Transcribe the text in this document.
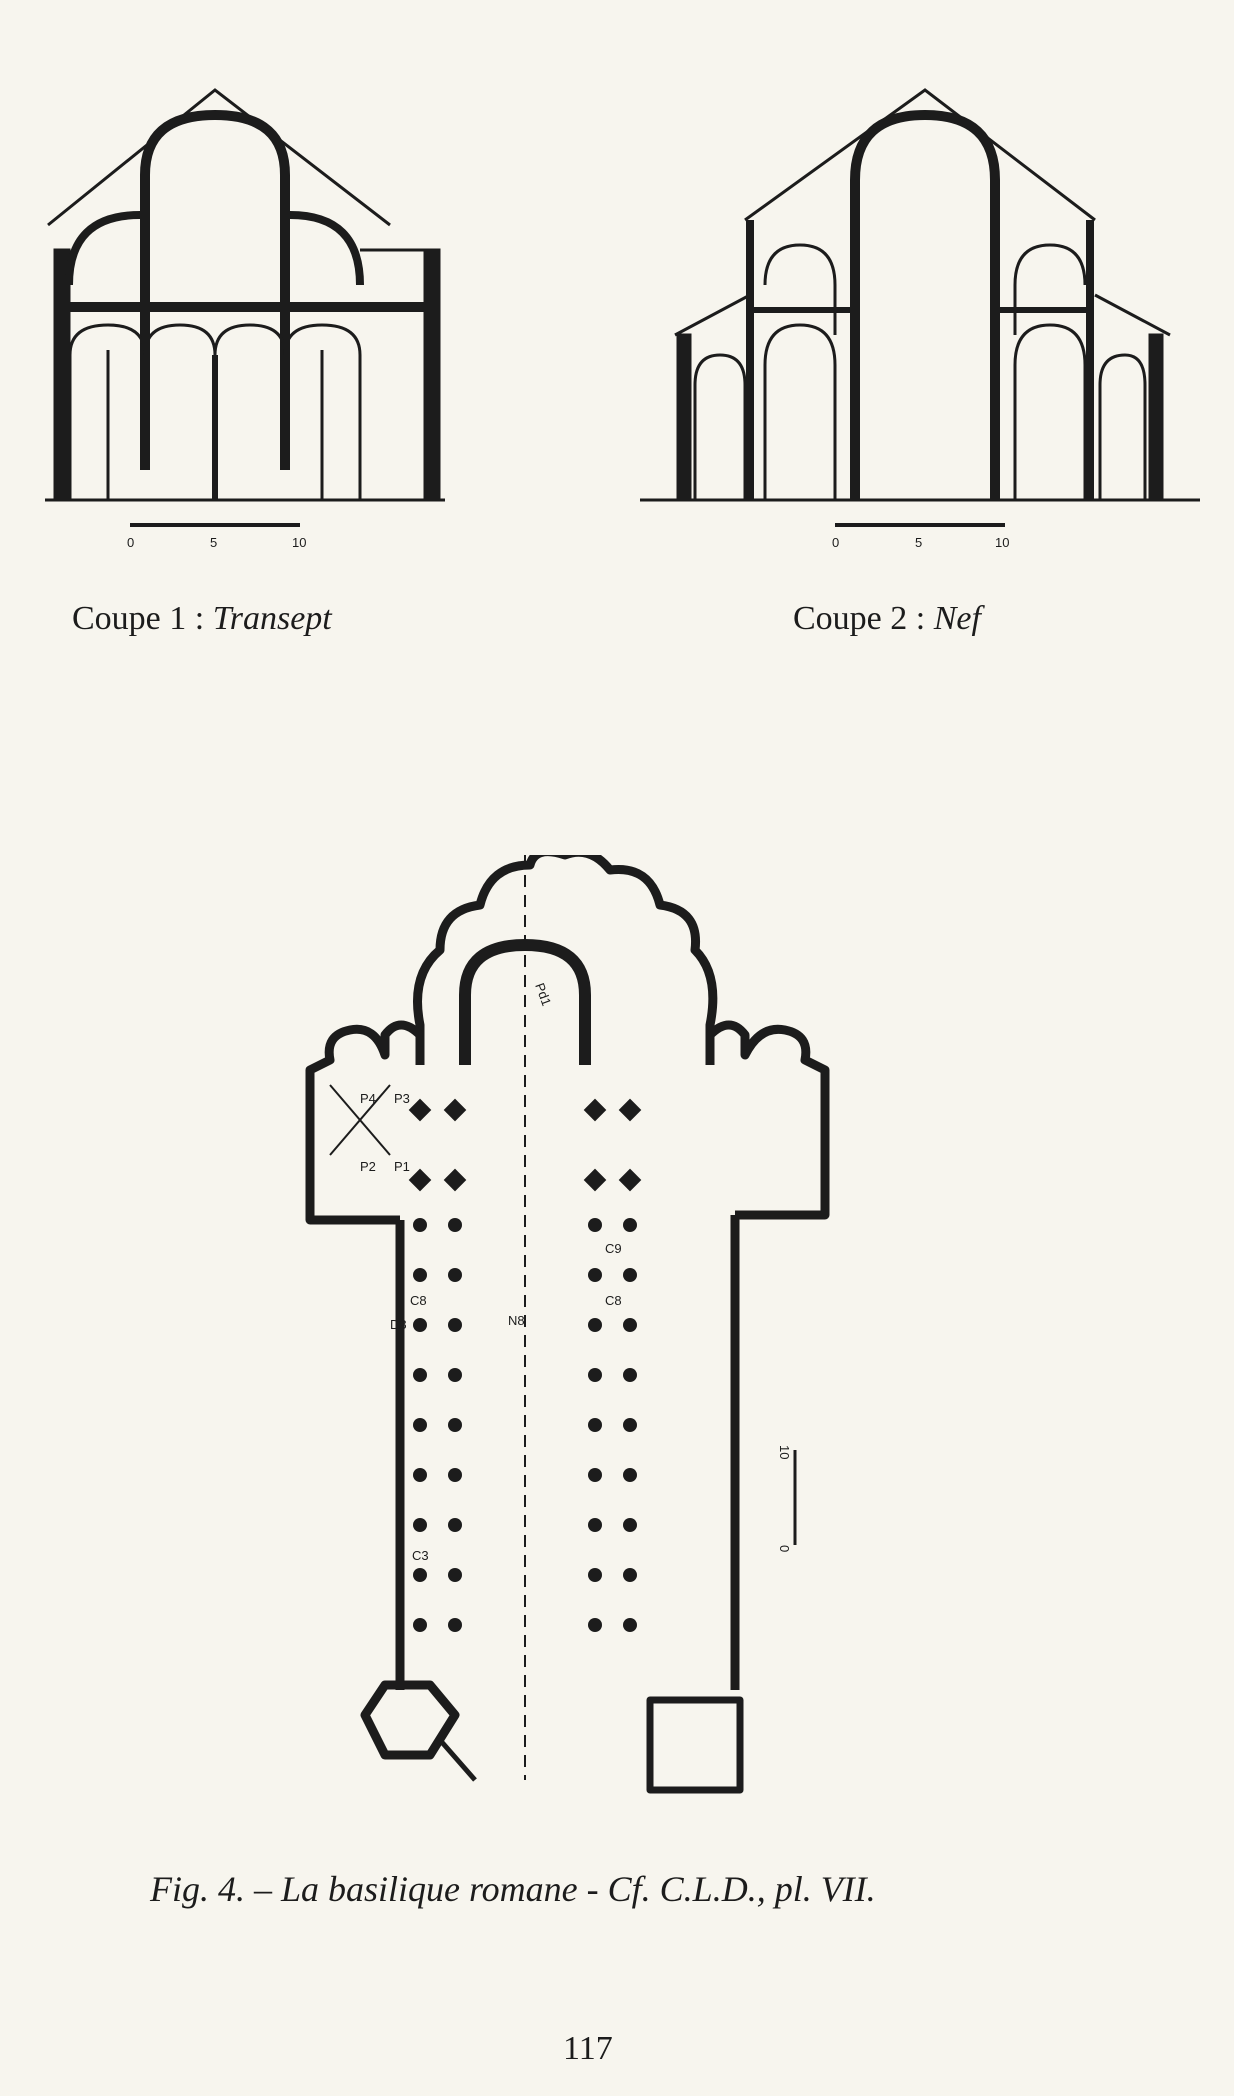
0	5	10	0	5	10
Coupe 1 : Transept	Coupe 2 : Nef
Pd1
P4 P3
P2 P1
N8
C8
D8
C9
C8
C3
10
0
Fig. 4. – La basilique romane - Cf. C.L.D., pl. VII.
117
